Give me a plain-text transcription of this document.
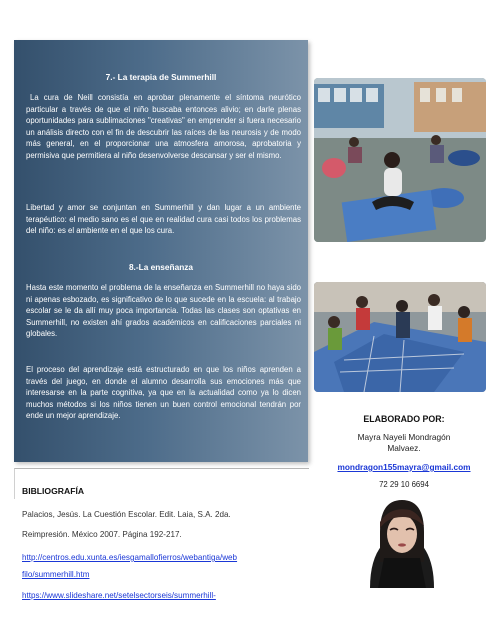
7.- La terapia de Summerhill

La cura de Neill consistía en aprobar plenamente el síntoma neurótico particular a través de que el niño buscaba entonces alivio; en darle plenas oportunidades para sublimaciones "creativas" en emprender si fuera necesario un análisis directo con el fin de descubrir las raíces de las neurosis y de modo más general, en el proporcionar una atmosfera amorosa, aprobatoria y permisiva que permitiera al niño desenvolverse descansar y ser el mismo.

Libertad y amor se conjuntan en Summerhill y dan lugar a un ambiente terapéutico: el medio sano es el que en realidad cura casi todos los problemas del niño: es el ambiente en el que los cura.

8.-La enseñanza

Hasta este momento el problema de la enseñanza en Summerhill no haya sido ni apenas esbozado, es significativo de lo que sucede en la escuela: al trabajo escolar se le da allí muy poca importancia. Todas las clases son optativas en Summerhill, no existen ahí grados académicos en calificaciones parciales ni globales.

El proceso del aprendizaje está estructurado en que los niños aprenden a través del juego, en donde el alumno desarrolla sus emociones más que interesarse en la parte cognitiva, ya que en la actualidad como ya lo dicen muchos métodos si los niños tienen un buen control emocional tendrán por ende un mejor aprendizaje.

BIBLIOGRAFÍA

Palacios, Jesús. La Cuestión Escolar. Edit. Laia, S.A. 2da.

Reimpresión. México 2007. Página 192-217.

http://centros.edu.xunta.es/iesgamallofierros/webantiga/web
filo/summerhill.htm
https://www.slideshare.net/setelsectorseis/summerhill-
ELABORADO POR:
Mayra Nayeli Mondragón
Malvaez.
mondragon155mayra@gmail.com
72 29 10 6694
